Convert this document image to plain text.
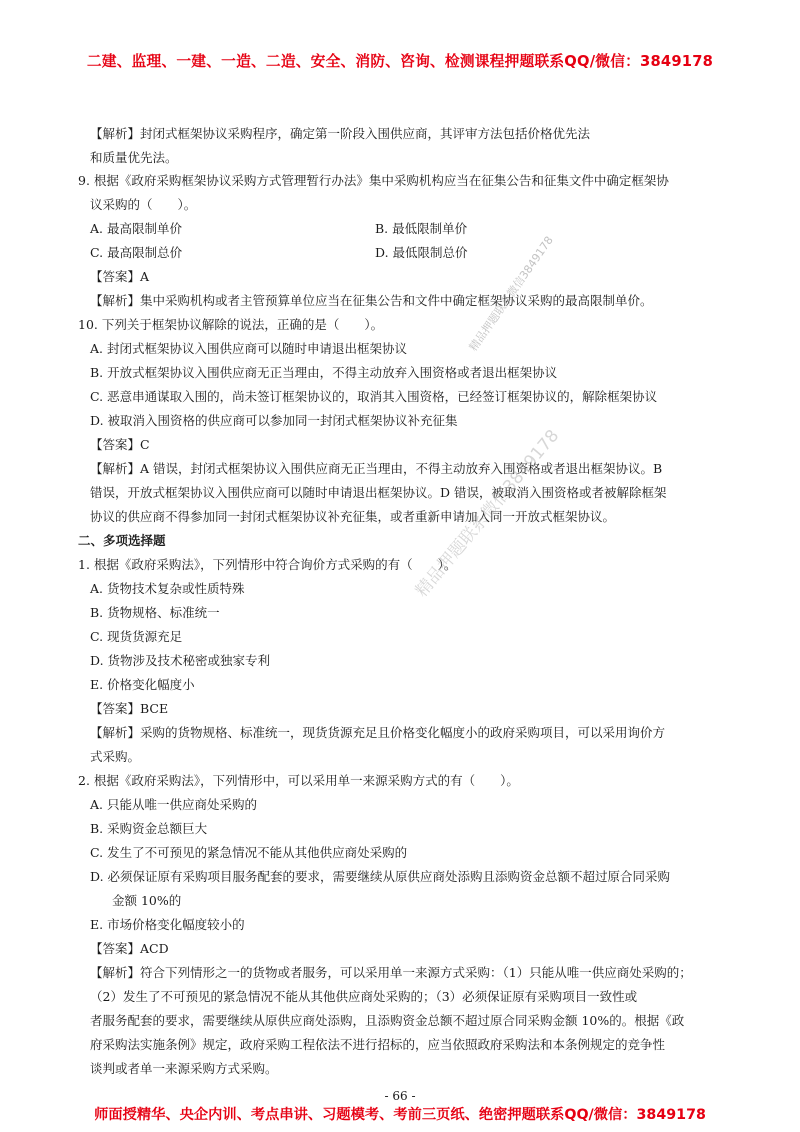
二建、监理、一建、一造、二造、安全、消防、咨询、检测课程押题联系QQ/微信：3849178
【解析】封闭式框架协议采购程序，确定第一阶段入围供应商，其评审方法包括价格优先法
和质量优先法。
9. 根据《政府采购框架协议采购方式管理暂行办法》集中采购机构应当在征集公告和征集文件中确定框架协
议采购的（　　）。
A. 最高限制单价	B. 最低限制单价
C. 最高限制总价	D. 最低限制总价
【答案】A
【解析】集中采购机构或者主管预算单位应当在征集公告和文件中确定框架协议采购的最高限制单价。
10. 下列关于框架协议解除的说法，正确的是（　　）。
A. 封闭式框架协议入围供应商可以随时申请退出框架协议
B. 开放式框架协议入围供应商无正当理由，不得主动放弃入围资格或者退出框架协议
C. 恶意串通谋取入围的，尚未签订框架协议的，取消其入围资格，已经签订框架协议的，解除框架协议
D. 被取消入围资格的供应商可以参加同一封闭式框架协议补充征集
【答案】C
【解析】A 错误，封闭式框架协议入围供应商无正当理由，不得主动放弃入围资格或者退出框架协议。B
错误，开放式框架协议入围供应商可以随时申请退出框架协议。D 错误，被取消入围资格或者被解除框架
协议的供应商不得参加同一封闭式框架协议补充征集，或者重新申请加入同一开放式框架协议。
二、多项选择题
1. 根据《政府采购法》，下列情形中符合询价方式采购的有（　　）。
A. 货物技术复杂或性质特殊
B. 货物规格、标准统一
C. 现货货源充足
D. 货物涉及技术秘密或独家专利
E. 价格变化幅度小
【答案】BCE
【解析】采购的货物规格、标准统一，现货货源充足且价格变化幅度小的政府采购项目，可以采用询价方
式采购。
2. 根据《政府采购法》，下列情形中，可以采用单一来源采购方式的有（　　）。
A. 只能从唯一供应商处采购的
B. 采购资金总额巨大
C. 发生了不可预见的紧急情况不能从其他供应商处采购的
D. 必须保证原有采购项目服务配套的要求，需要继续从原供应商处添购且添购资金总额不超过原合同采购
金额 10%的
E. 市场价格变化幅度较小的
【答案】ACD
【解析】符合下列情形之一的货物或者服务，可以采用单一来源方式采购：（1）只能从唯一供应商处采购的；
（2）发生了不可预见的紧急情况不能从其他供应商处采购的；（3）必须保证原有采购项目一致性或
者服务配套的要求，需要继续从原供应商处添购，且添购资金总额不超过原合同采购金额 10%的。根据《政
府采购法实施条例》规定，政府采购工程依法不进行招标的，应当依照政府采购法和本条例规定的竞争性
谈判或者单一来源采购方式采购。
精品押题联系微信3849178
精品押题联系微信3849178
- 66 -
师面授精华、央企内训、考点串讲、习题模考、考前三页纸、绝密押题联系QQ/微信：3849178
